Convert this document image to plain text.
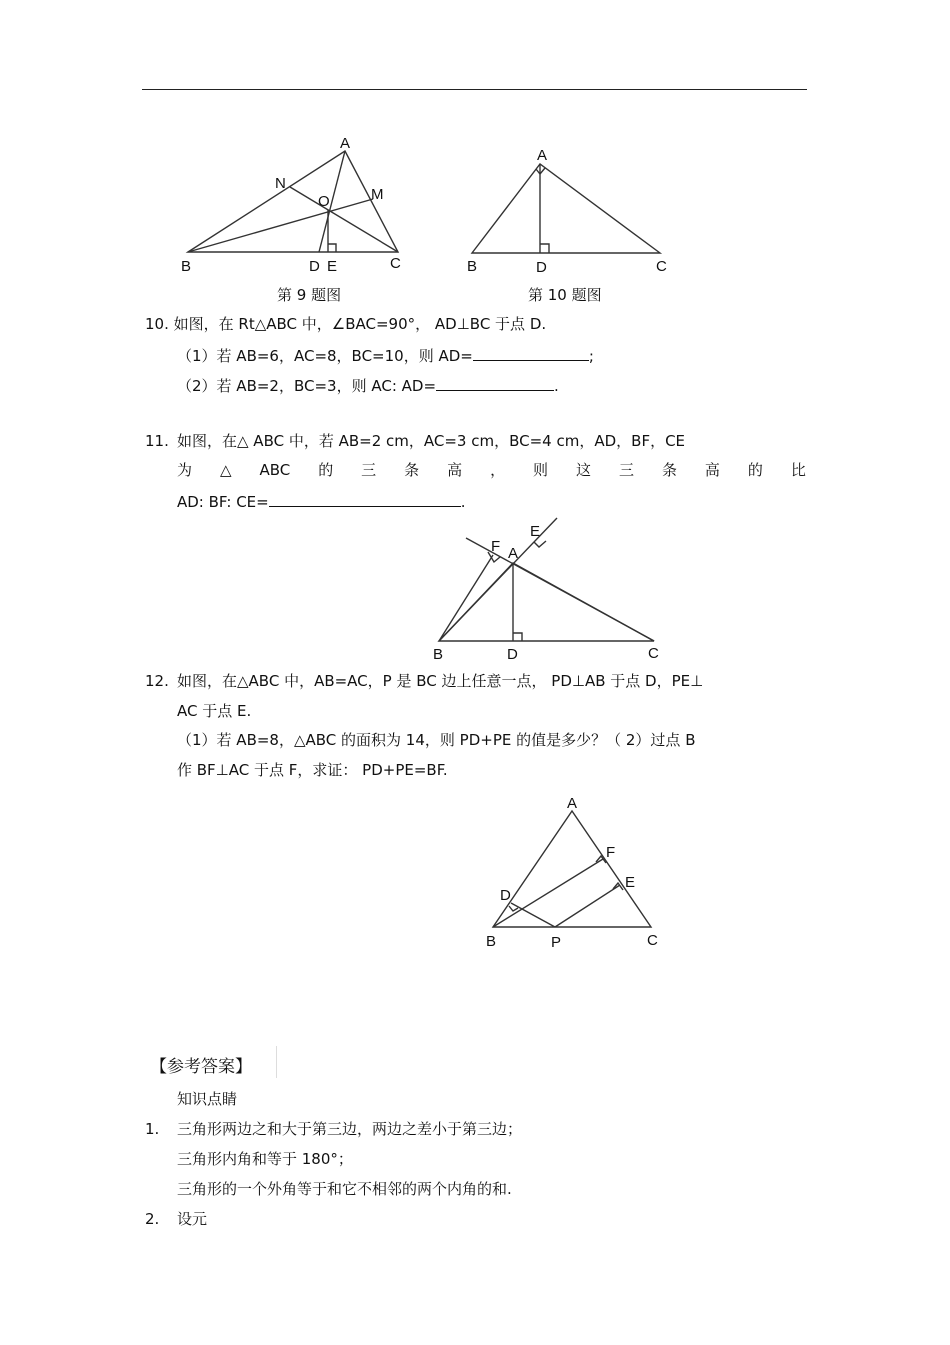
A
N
M
O
B	D E	C
A
B	D	C
第 9 题图	第 10 题图
10. 如图，在 Rt△ABC 中，∠BAC=90°， AD⊥BC 于点 D.
（1）若 AB=6，AC=8，BC=10，则 AD=	;
（2）若 AB=2，BC=3，则 AC: AD=	.
11. 如图，在△ ABC 中，若 AB=2 cm，AC=3 cm，BC=4 cm，AD，BF，CE
为 △ ABC 的 三 条 高 ， 则 这 三 条 高 的 比
AD: BF: CE=	.
E
F A
B	D	C
12. 如图，在△ABC 中，AB=AC，P 是 BC 边上任意一点， PD⊥AB 于点 D，PE⊥
AC 于点 E.
（1）若 AB=8，△ABC 的面积为 14，则 PD+PE 的值是多少？（ 2）过点 B
作 BF⊥AC 于点 F，求证： PD+PE=BF.
A
F
E
D
B	P	C
【参考答案】
知识点睛
1. 三角形两边之和大于第三边，两边之差小于第三边；
三角形内角和等于 180°；
三角形的一个外角等于和它不相邻的两个内角的和.
2. 设元
